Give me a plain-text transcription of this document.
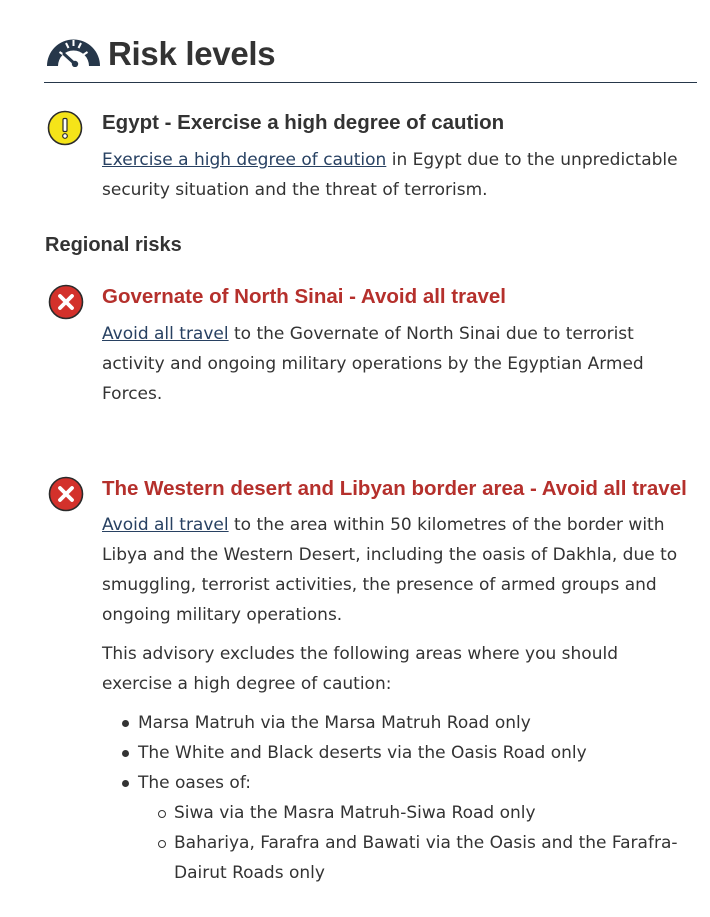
Risk levels
Egypt - Exercise a high degree of caution
Exercise a high degree of caution in Egypt due to the unpredictable security situation and the threat of terrorism.
Regional risks
Governate of North Sinai - Avoid all travel
Avoid all travel to the Governate of North Sinai due to terrorist activity and ongoing military operations by the Egyptian Armed Forces.
The Western desert and Libyan border area - Avoid all travel
Avoid all travel to the area within 50 kilometres of the border with Libya and the Western Desert, including the oasis of Dakhla, due to smuggling, terrorist activities, the presence of armed groups and ongoing military operations.
This advisory excludes the following areas where you should exercise a high degree of caution:
Marsa Matruh via the Marsa Matruh Road only
The White and Black deserts via the Oasis Road only
The oases of:
Siwa via the Masra Matruh-Siwa Road only
Bahariya, Farafra and Bawati via the Oasis and the Farafra-Dairut Roads only
